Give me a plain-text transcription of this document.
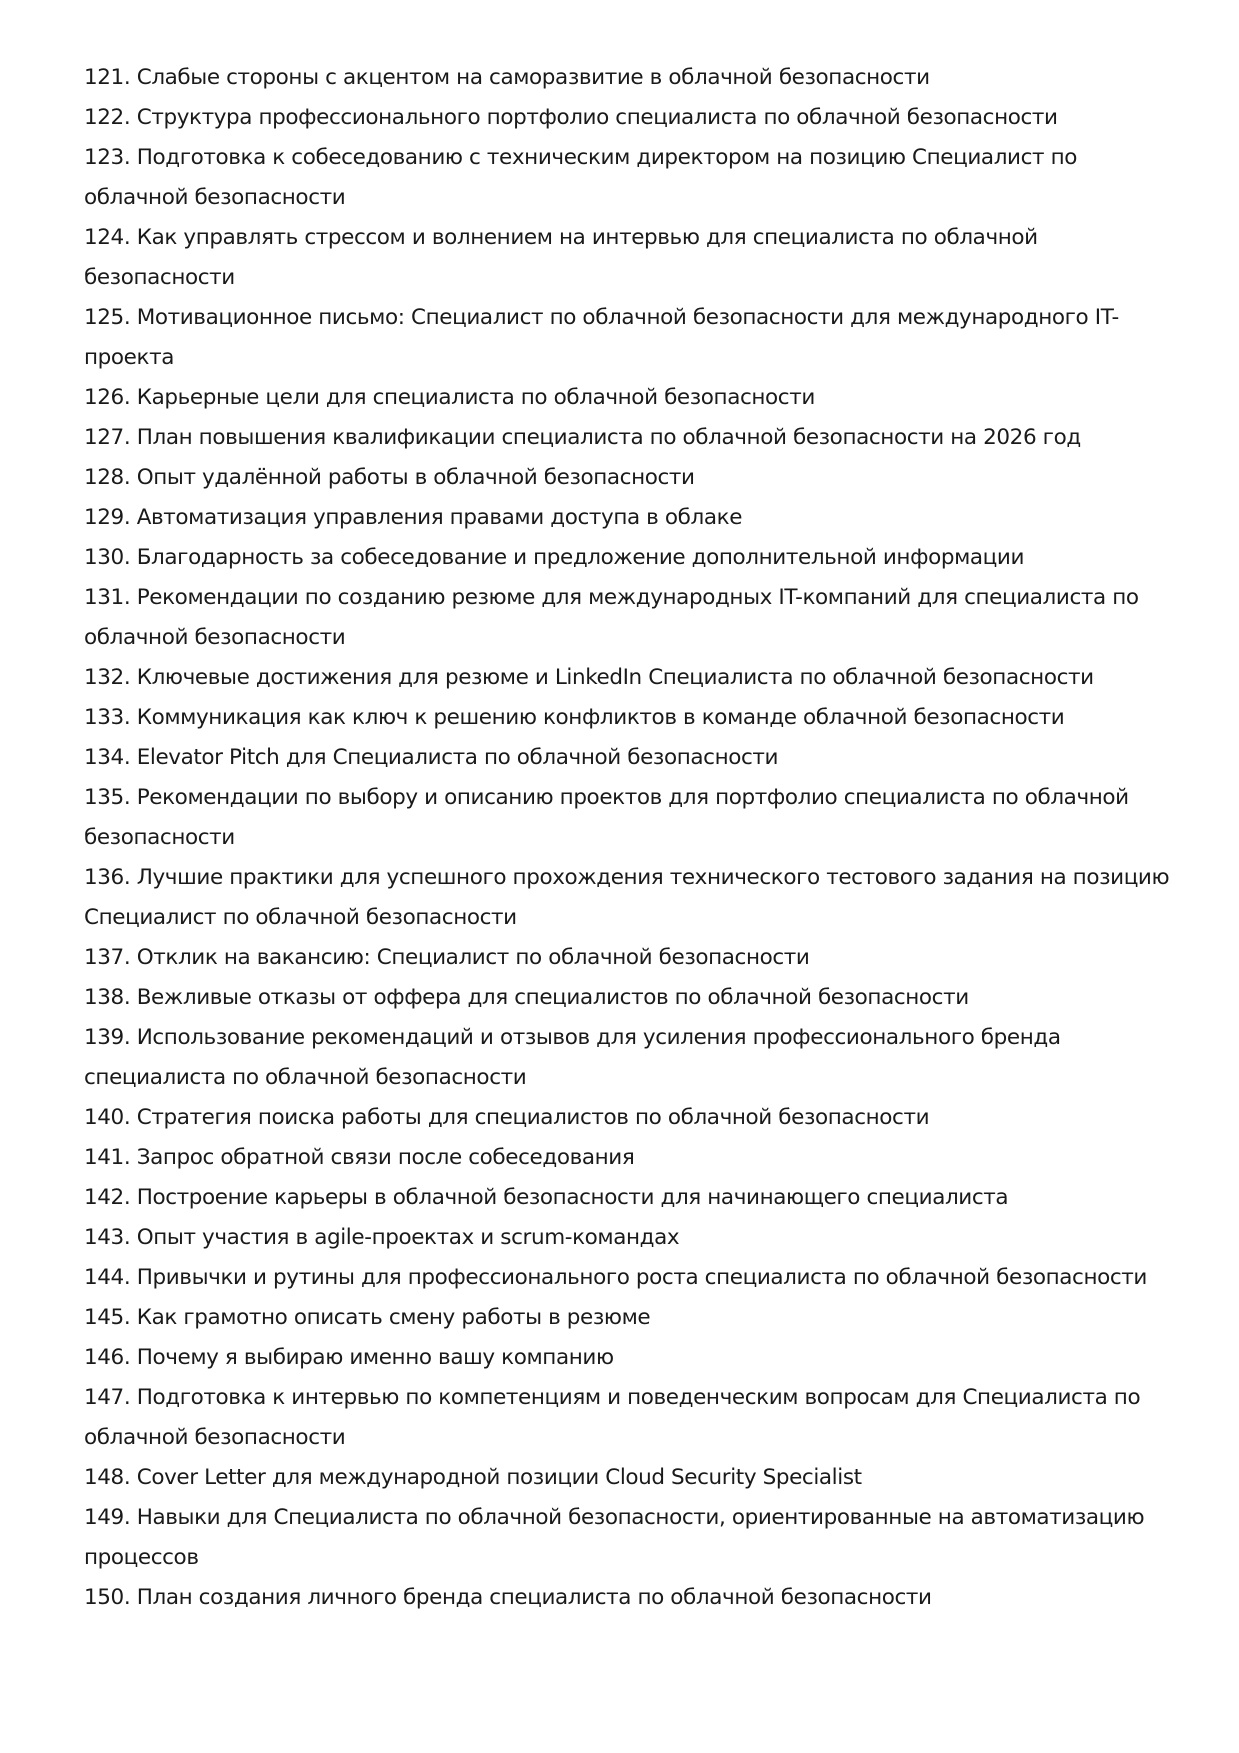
121. Слабые стороны с акцентом на саморазвитие в облачной безопасности

122. Структура профессионального портфолио специалиста по облачной безопасности

123. Подготовка к собеседованию с техническим директором на позицию Специалист по облачной безопасности

124. Как управлять стрессом и волнением на интервью для специалиста по облачной безопасности

125. Мотивационное письмо: Специалист по облачной безопасности для международного IT-проекта

126. Карьерные цели для специалиста по облачной безопасности

127. План повышения квалификации специалиста по облачной безопасности на 2026 год

128. Опыт удалённой работы в облачной безопасности

129. Автоматизация управления правами доступа в облаке

130. Благодарность за собеседование и предложение дополнительной информации

131. Рекомендации по созданию резюме для международных IT-компаний для специалиста по облачной безопасности

132. Ключевые достижения для резюме и LinkedIn Специалиста по облачной безопасности

133. Коммуникация как ключ к решению конфликтов в команде облачной безопасности

134. Elevator Pitch для Специалиста по облачной безопасности

135. Рекомендации по выбору и описанию проектов для портфолио специалиста по облачной безопасности

136. Лучшие практики для успешного прохождения технического тестового задания на позицию Специалист по облачной безопасности

137. Отклик на вакансию: Специалист по облачной безопасности

138. Вежливые отказы от оффера для специалистов по облачной безопасности

139. Использование рекомендаций и отзывов для усиления профессионального бренда специалиста по облачной безопасности

140. Стратегия поиска работы для специалистов по облачной безопасности

141. Запрос обратной связи после собеседования

142. Построение карьеры в облачной безопасности для начинающего специалиста

143. Опыт участия в agile-проектах и scrum-командах

144. Привычки и рутины для профессионального роста специалиста по облачной безопасности

145. Как грамотно описать смену работы в резюме

146. Почему я выбираю именно вашу компанию

147. Подготовка к интервью по компетенциям и поведенческим вопросам для Специалиста по облачной безопасности

148. Cover Letter для международной позиции Cloud Security Specialist

149. Навыки для Специалиста по облачной безопасности, ориентированные на автоматизацию процессов

150. План создания личного бренда специалиста по облачной безопасности
